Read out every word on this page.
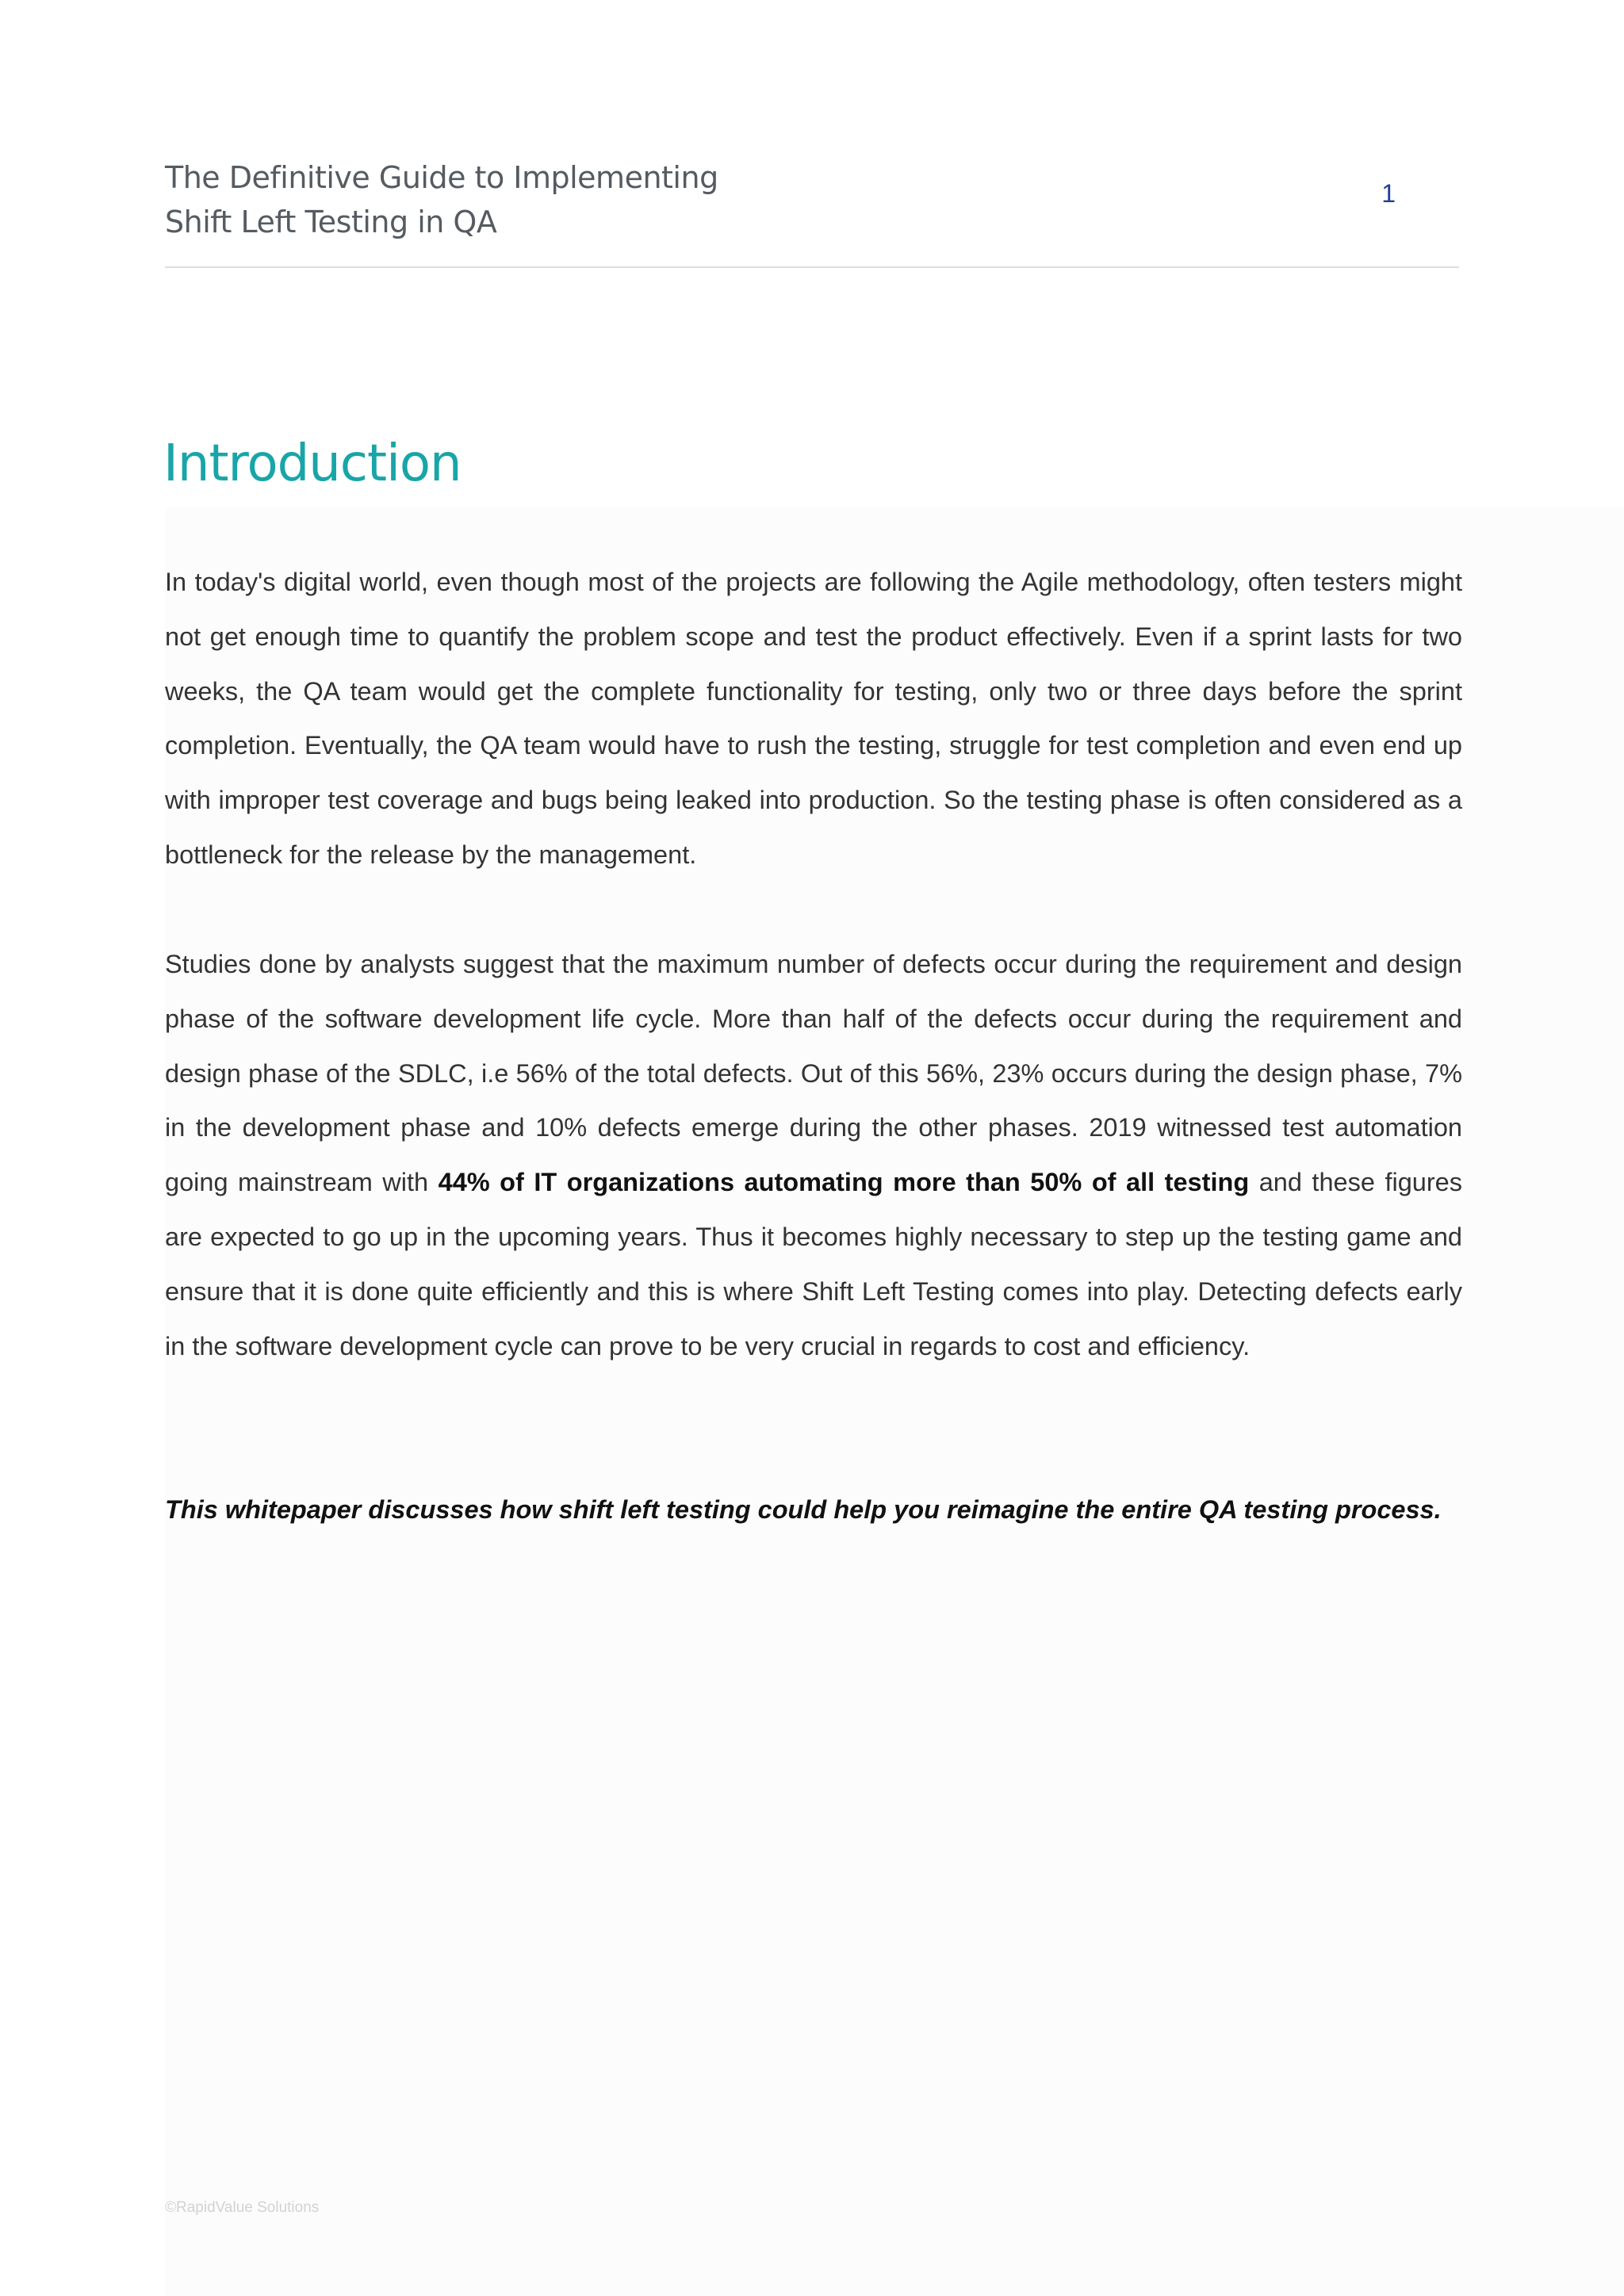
The Definitive Guide to Implementing
Shift Left Testing in QA
1
Introduction

In today's digital world, even though most of the projects are following the Agile methodology, often testers might not get enough time to quantify the problem scope and test the product effectively. Even if a sprint lasts for two weeks, the QA team would get the complete functionality for testing, only two or three days before the sprint completion. Eventually, the QA team would have to rush the testing, struggle for test completion and even end up with improper test coverage and bugs being leaked into production. So the testing phase is often considered as a bottleneck for the release by the management.

Studies done by analysts suggest that the maximum number of defects occur during the requirement and design phase of the software development life cycle. More than half of the defects occur during the requirement and design phase of the SDLC, i.e 56% of the total defects. Out of this 56%, 23% occurs during the design phase, 7% in the development phase and 10% defects emerge during the other phases. 2019 witnessed test automation going mainstream with 44% of IT organizations automating more than 50% of all testing and these figures are expected to go up in the upcoming years. Thus it becomes highly necessary to step up the testing game and ensure that it is done quite efficiently and this is where Shift Left Testing comes into play. Detecting defects early in the software development cycle can prove to be very crucial in regards to cost and efficiency.

This whitepaper discusses how shift left testing could help you reimagine the entire QA testing process.

©RapidValue Solutions
